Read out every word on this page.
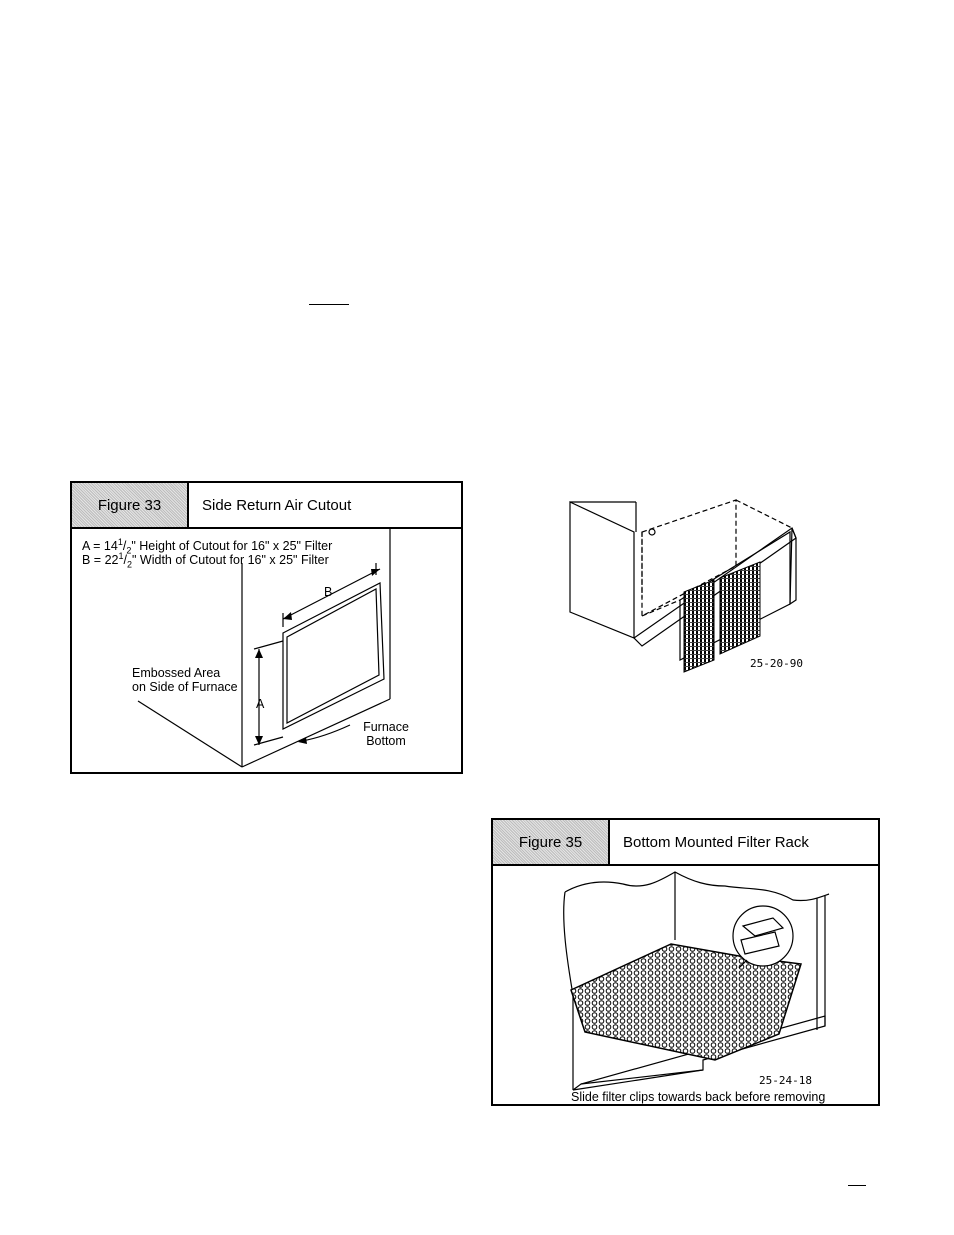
Figure 33	Side Return Air Cutout
$A = 14^1/_2$" Height of Cutout for 16" x 25" Filter
$B = 22^1/_2$" Width of Cutout for 16" x 25" Filter
B
A
Embossed Area
on Side of Furnace
Furnace
Bottom
25-20-90
Figure 35	Bottom Mounted Filter Rack
25-24-18
Slide filter clips towards back before removing
